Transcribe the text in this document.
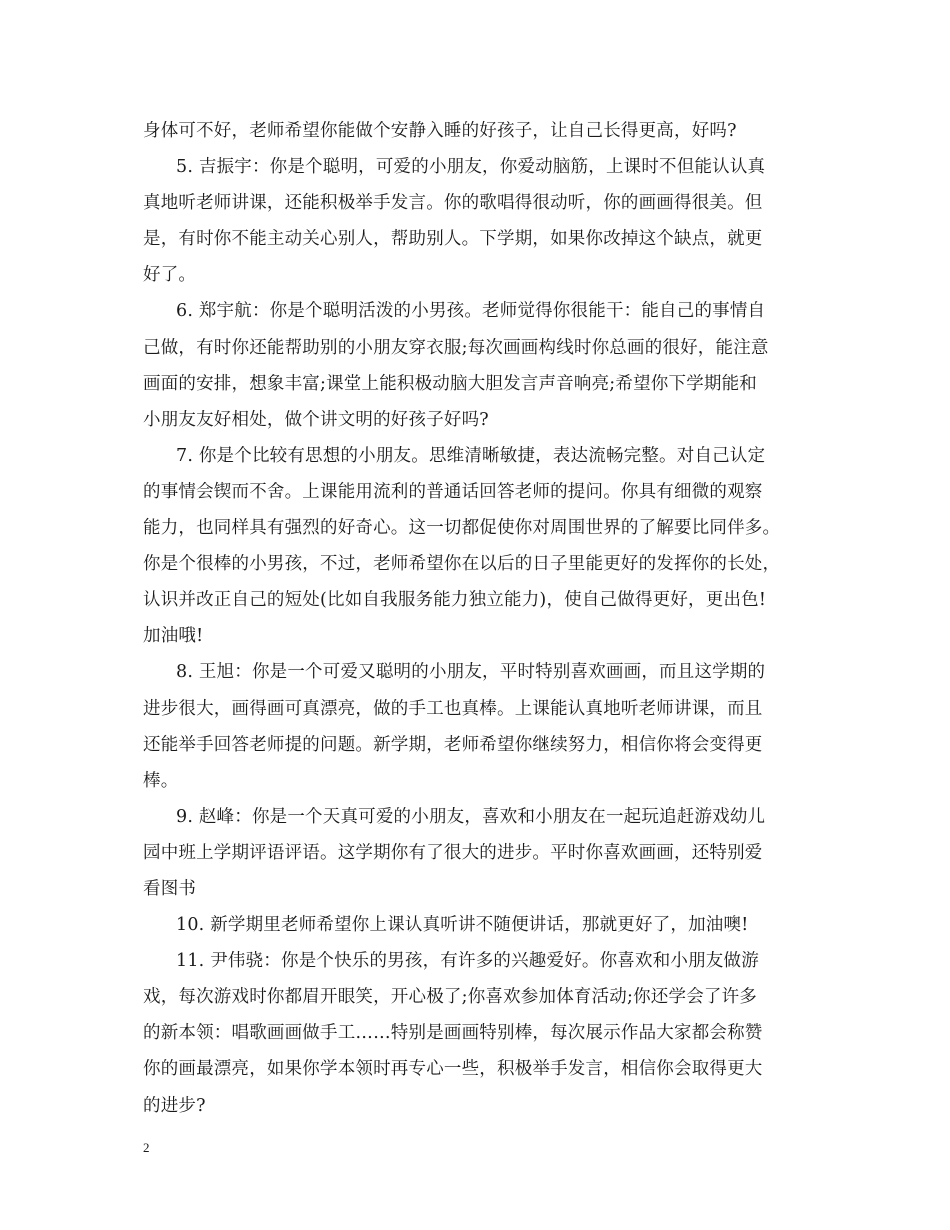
身体可不好，老师希望你能做个安静入睡的好孩子，让自己长得更高，好吗?
5. 吉振宇：你是个聪明，可爱的小朋友，你爱动脑筋，上课时不但能认认真
真地听老师讲课，还能积极举手发言。你的歌唱得很动听，你的画画得很美。但
是，有时你不能主动关心别人，帮助别人。下学期，如果你改掉这个缺点，就更
好了。
6. 郑宇航：你是个聪明活泼的小男孩。老师觉得你很能干：能自己的事情自
己做，有时你还能帮助别的小朋友穿衣服;每次画画构线时你总画的很好，能注意
画面的安排，想象丰富;课堂上能积极动脑大胆发言声音响亮;希望你下学期能和
小朋友友好相处，做个讲文明的好孩子好吗?
7. 你是个比较有思想的小朋友。思维清晰敏捷，表达流畅完整。对自己认定
的事情会锲而不舍。上课能用流利的普通话回答老师的提问。你具有细微的观察
能力，也同样具有强烈的好奇心。这一切都促使你对周围世界的了解要比同伴多。
你是个很棒的小男孩，不过，老师希望你在以后的日子里能更好的发挥你的长处，
认识并改正自己的短处(比如自我服务能力独立能力)，使自己做得更好，更出色!
加油哦!
8. 王旭：你是一个可爱又聪明的小朋友，平时特别喜欢画画，而且这学期的
进步很大，画得画可真漂亮，做的手工也真棒。上课能认真地听老师讲课，而且
还能举手回答老师提的问题。新学期，老师希望你继续努力，相信你将会变得更
棒。
9. 赵峰：你是一个天真可爱的小朋友，喜欢和小朋友在一起玩追赶游戏幼儿
园中班上学期评语评语。这学期你有了很大的进步。平时你喜欢画画，还特别爱
看图书
10. 新学期里老师希望你上课认真听讲不随便讲话，那就更好了，加油噢!
11. 尹伟骁：你是个快乐的男孩，有许多的兴趣爱好。你喜欢和小朋友做游
戏，每次游戏时你都眉开眼笑，开心极了;你喜欢参加体育活动;你还学会了许多
的新本领：唱歌画画做手工……特别是画画特别棒，每次展示作品大家都会称赞
你的画最漂亮，如果你学本领时再专心一些，积极举手发言，相信你会取得更大
的进步?
2
